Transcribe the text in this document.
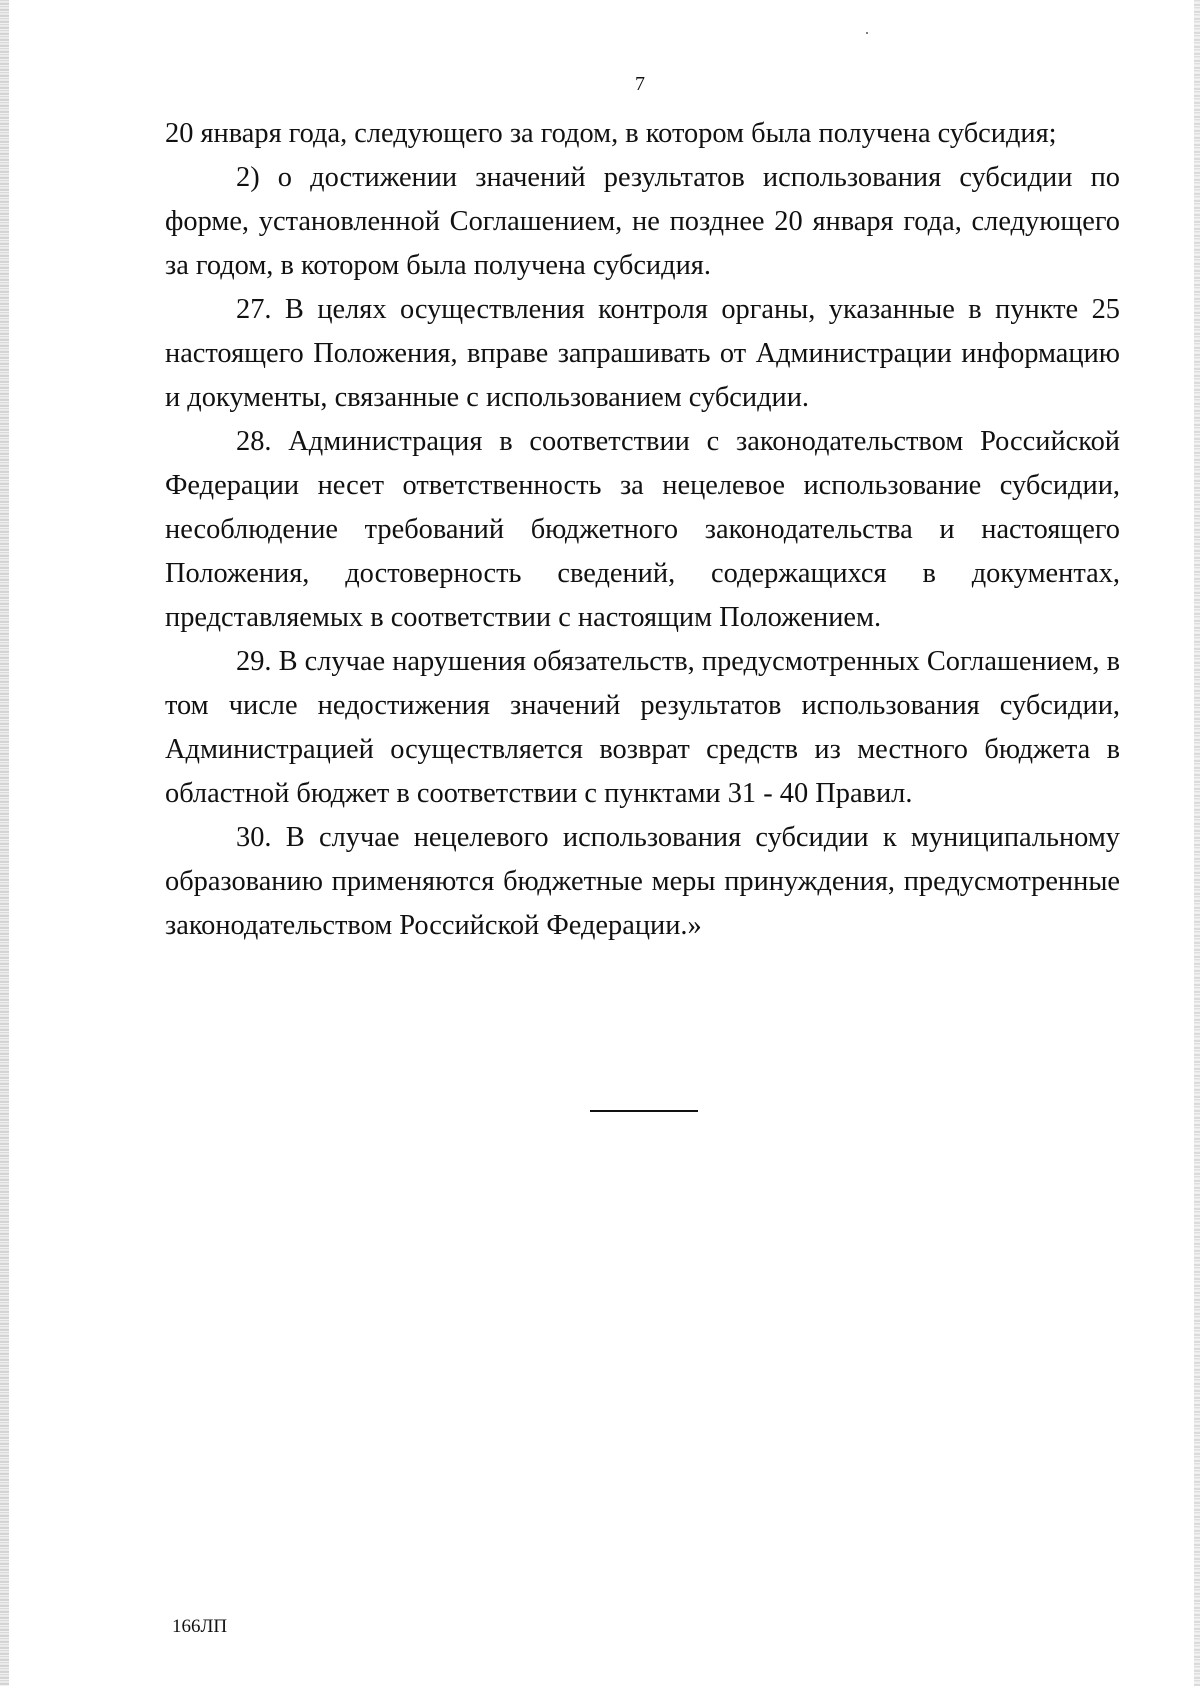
7

20 января года, следующего за годом, в котором была получена субсидия;

2) о достижении значений результатов использования субсидии по форме, установленной Соглашением, не позднее 20 января года, следующего за годом, в котором была получена субсидия.

27. В целях осуществления контроля органы, указанные в пункте 25 настоящего Положения, вправе запрашивать от Администрации информацию и документы, связанные с использованием субсидии.

28. Администрация в соответствии с законодательством Российской Федерации несет ответственность за нецелевое использование субсидии, несоблюдение требований бюджетного законодательства и настоящего Положения, достоверность сведений, содержащихся в документах, представляемых в соответствии с настоящим Положением.

29. В случае нарушения обязательств, предусмотренных Соглашением, в том числе недостижения значений результатов использования субсидии, Администрацией осуществляется возврат средств из местного бюджета в областной бюджет в соответствии с пунктами 31 - 40 Правил.

30. В случае нецелевого использования субсидии к муниципальному образованию применяются бюджетные меры принуждения, предусмотренные законодательством Российской Федерации.»

166ЛП
